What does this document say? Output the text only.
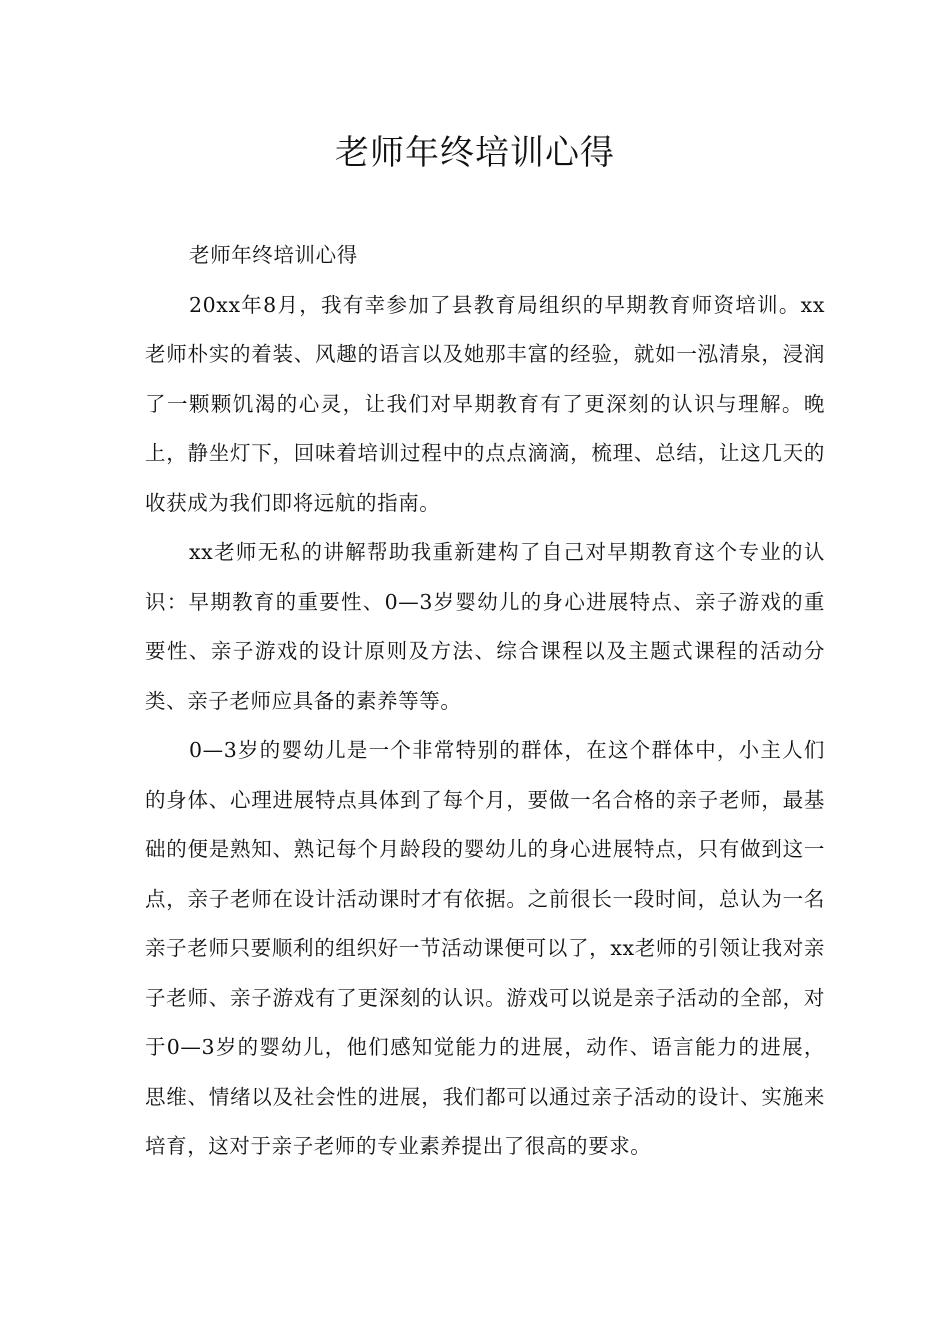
老师年终培训心得

老师年终培训心得

20xx年8月，我有幸参加了县教育局组织的早期教育师资培训。xx老师朴实的着装、风趣的语言以及她那丰富的经验，就如一泓清泉，浸润了一颗颗饥渴的心灵，让我们对早期教育有了更深刻的认识与理解。晚上，静坐灯下，回味着培训过程中的点点滴滴，梳理、总结，让这几天的收获成为我们即将远航的指南。

xx老师无私的讲解帮助我重新建构了自己对早期教育这个专业的认识：早期教育的重要性、0—3岁婴幼儿的身心进展特点、亲子游戏的重要性、亲子游戏的设计原则及方法、综合课程以及主题式课程的活动分类、亲子老师应具备的素养等等。

0—3岁的婴幼儿是一个非常特别的群体，在这个群体中，小主人们的身体、心理进展特点具体到了每个月，要做一名合格的亲子老师，最基础的便是熟知、熟记每个月龄段的婴幼儿的身心进展特点，只有做到这一点，亲子老师在设计活动课时才有依据。之前很长一段时间，总认为一名亲子老师只要顺利的组织好一节活动课便可以了，xx老师的引领让我对亲子老师、亲子游戏有了更深刻的认识。游戏可以说是亲子活动的全部，对于0—3岁的婴幼儿，他们感知觉能力的进展，动作、语言能力的进展，思维、情绪以及社会性的进展，我们都可以通过亲子活动的设计、实施来培育，这对于亲子老师的专业素养提出了很高的要求。
